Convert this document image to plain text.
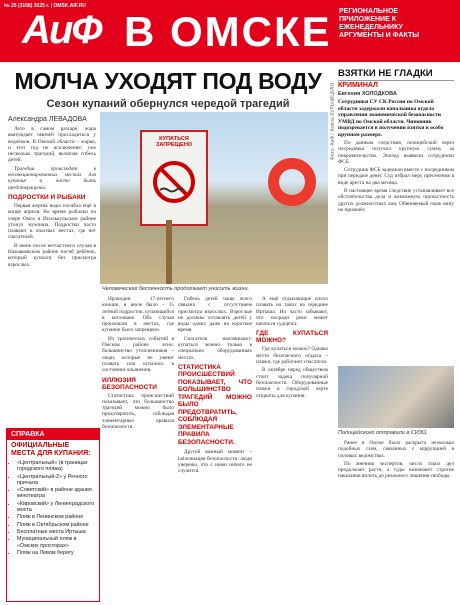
№ 25 (3168) 2025 г. | OMSK.AIF.RU
АиФ В ОМСКЕ РЕГИОНАЛЬНОЕ ПРИЛОЖЕНИЕ К ЕЖЕНЕДЕЛЬНИКУ АРГУМЕНТЫ И ФАКТЫ
МОЛЧА УХОДЯТ ПОД ВОДУ
Сезон купаний обернулся чередой трагедий
Александра ЛЕВАДОВА

Лето в самом разгаре, жара вынуждает омичей прохладиться у водоёмов. В Омской области – жарко, и этот год не исключение: уже несколько трагедий, включая гибель детей.

Трагедии происходят в несанкционированных местах для купания и часто быть предотвращены.

ПОДРОСТКИ И РЫБАКИ

Первая жертва воды погибла ещё в конце апреля. Во время рыбалки на озере Омск в Исилькульском районе утонул мужчина. Подростки часто плавают в опасных местах, где нет спасателей.

В июне после несчастного случая в Называевском районе погиб ребёнок, который купался без присмотра взрослых.

КУПАТЬСЯ ЗАПРЕЩЕНО
Человеческая беспечность продолжает уносить жизни.
Фото: АиФ / Алёна КУЛЬЧИЦКАЯ

Ирландии 17-летнего юноши, в июле было – 15 летний подросток, купающийся в котловане. Оба случая произошли в местах, где купание было запрещено.

Из трагических событий в Омском районе ясно: большинство утопленников – люди, которые не умеют плавать или купались в состоянии опьянения.

ИЛЛЮЗИЯ БЕЗОПАСНОСТИ

Статистика происшествий показывает, что большинство трагедий можно было предотвратить, соблюдая элементарные правила безопасности.

Гибель детей чаще всего связана с отсутствием присмотра взрослых. Взрослые не должны оставлять детей у воды одних даже на короткое время.

Спасатели напоминают: купаться можно только в специально оборудованных местах.

СТАТИСТИКА ПРОИСШЕСТВИЙ ПОКАЗЫВАЕТ, ЧТО БОЛЬШИНСТВО ТРАГЕДИЙ МОЖНО БЫЛО ПРЕДОТВРАТИТЬ, СОБЛЮДАЯ ЭЛЕМЕНТАРНЫЕ ПРАВИЛА БЕЗОПАСНОСТИ.

Другой важный момент – halucинация безопасности: люди уверены, что с ними ничего не случится.

А ещё отдыхающие плохо плавать на таких на середине Иртыша. Но часто забывают, что посреди реки может начаться судорога.

ГДЕ КУПАТЬСЯ МОЖНО?

Где купаться можно? Однако место безопасного отдыха – пляжи, где работают спасатели.

В октябре перед обществом стоит задача популярной безопасности. Оборудованные пляжи в городской черте открыты для купания.

ВЗЯТКИ НЕ ГЛАДКИ
КРИМИНАЛ
Евгения ХОЛОДКОВА
Сотрудники СУ СК России по Омской области задержали начальника отдела управления экономической безопасности УМВД по Омской области. Чиновник подозревается в получении взятки в особо крупном размере.

По данным следствия, полицейский через посредника получил крупную сумму за покровительство. Эпизод выявили сотрудники ФСБ.

Сотрудник ФСБ задержан вместе с посредником при передаче денег. Суд избрал меру пресечения в виде ареста на два месяца.

В настоящее время следствие устанавливает все обстоятельства дела и возможную причастность других должностных лиц. Обвиняемый свою вину не признаёт.

Полицейского отправили в СИЗО.

Ранее в Омске было раскрыто несколько подобных схем, связанных с коррупцией в силовых ведомствах.

По мнению экспертов, число таких дел продолжает расти, а суды назначают строгие наказания вплоть до реального лишения свободы.

СПРАВКА
ОФИЦИАЛЬНЫЕ МЕСТА ДЛЯ КУПАНИЯ:
• «Центральный» (в границах городского пляжа)
• «Центральный-2» у Речного причала
• «Советский» в районе здания кинотеатра
• «Кировский» у Ленинградского моста
• Пляж в Ленинском районе
• Пляж в Октябрьском районе
• Бесплатные места Иртыша
• Муниципальный пляж в «Омских просторах»
• Пляж на Левом берегу
